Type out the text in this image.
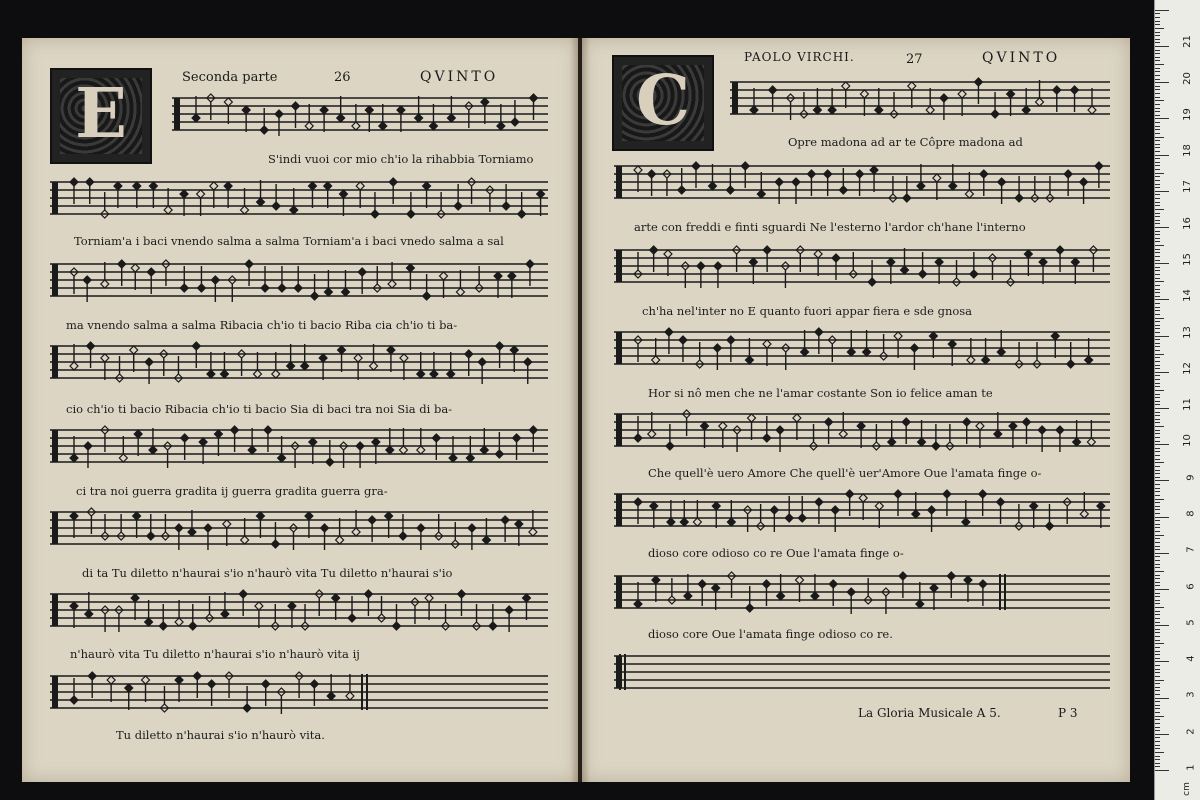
E	Seconda parte	26	QVINTO
S'indi vuoi cor mio ch'io la rihabbia Torniamo
Torniam'a i baci vnendo salma a salma Torniam'a i baci vnedo salma a sal
ma vnendo salma a salma Ribacia ch'io ti bacio Riba cia ch'io ti ba-
cio ch'io ti bacio Ribacia ch'io ti bacio Sia di baci tra noi Sia di ba-
ci tra noi guerra gradita ij guerra gradita guerra gra-
di ta Tu diletto n'haurai s'io n'haurò vita Tu diletto n'haurai s'io
n'haurò vita Tu diletto n'haurai s'io n'haurò vita ij
Tu diletto n'haurai s'io n'haurò vita.
C
PAOLO VIRCHI.	27	QVINTO
Opre madona ad ar te Côpre madona ad
arte con freddi e finti sguardi Ne l'esterno l'ardor ch'hane l'interno
ch'ha nel'inter no E quanto fuori appar fiera e sde gnosa
Hor si nô men che ne l'amar costante Son io felice aman te
Che quell'è uero Amore Che quell'è uer'Amore Oue l'amata finge o-
dioso core odioso co re Oue l'amata finge o-
dioso core Oue l'amata finge odioso co re.
La Gloria Musicale A 5.	P 3
1
2
3
4
5
6
7
8
9
10
11
12
13
14
15
16
17
18
19
20
21
cm
